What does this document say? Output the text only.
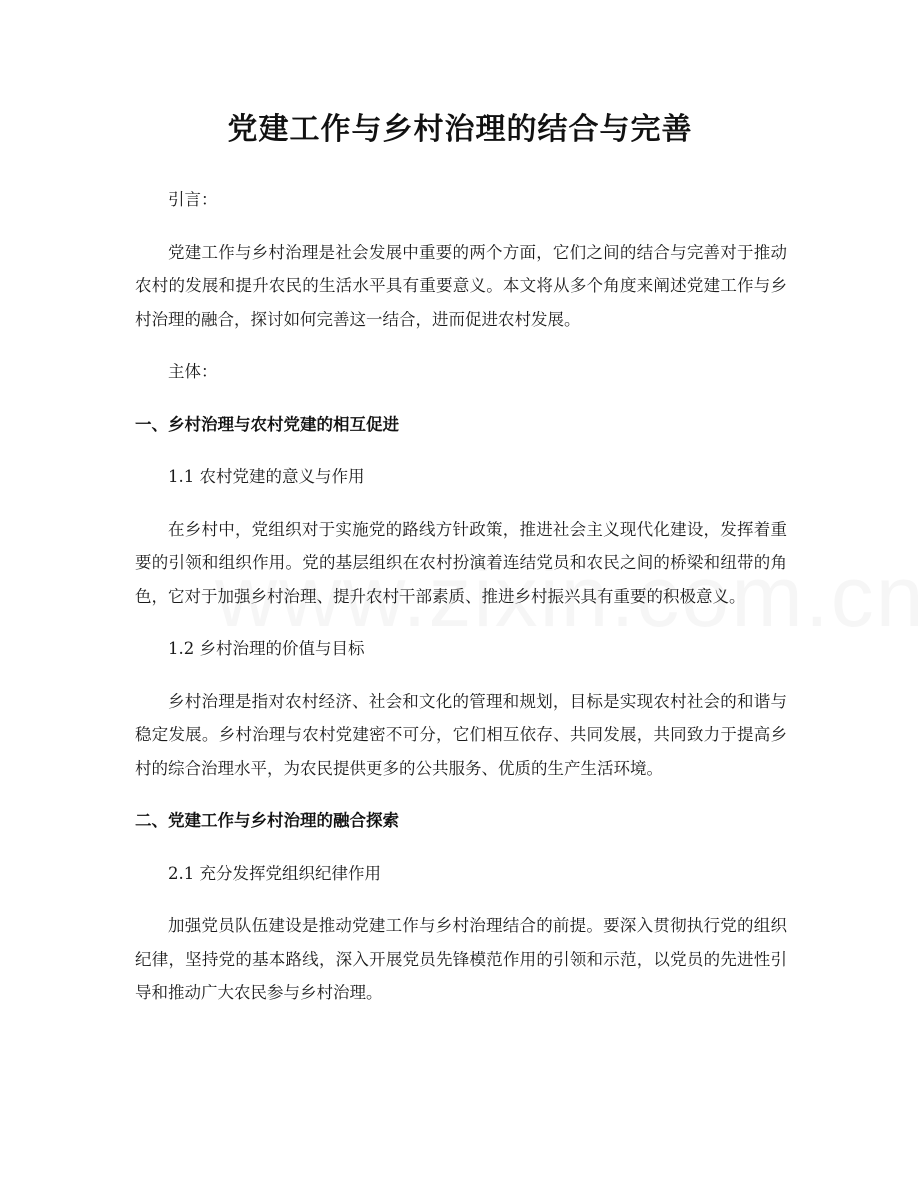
党建工作与乡村治理的结合与完善

引言：

党建工作与乡村治理是社会发展中重要的两个方面，它们之间的结合与完善对于推动农村的发展和提升农民的生活水平具有重要意义。本文将从多个角度来阐述党建工作与乡村治理的融合，探讨如何完善这一结合，进而促进农村发展。

主体：

一、乡村治理与农村党建的相互促进

1.1 农村党建的意义与作用

在乡村中，党组织对于实施党的路线方针政策，推进社会主义现代化建设，发挥着重要的引领和组织作用。党的基层组织在农村扮演着连结党员和农民之间的桥梁和纽带的角色，它对于加强乡村治理、提升农村干部素质、推进乡村振兴具有重要的积极意义。

1.2 乡村治理的价值与目标

乡村治理是指对农村经济、社会和文化的管理和规划，目标是实现农村社会的和谐与稳定发展。乡村治理与农村党建密不可分，它们相互依存、共同发展，共同致力于提高乡村的综合治理水平，为农民提供更多的公共服务、优质的生产生活环境。

二、党建工作与乡村治理的融合探索

2.1 充分发挥党组织纪律作用

加强党员队伍建设是推动党建工作与乡村治理结合的前提。要深入贯彻执行党的组织纪律，坚持党的基本路线，深入开展党员先锋模范作用的引领和示范，以党员的先进性引导和推动广大农民参与乡村治理。
